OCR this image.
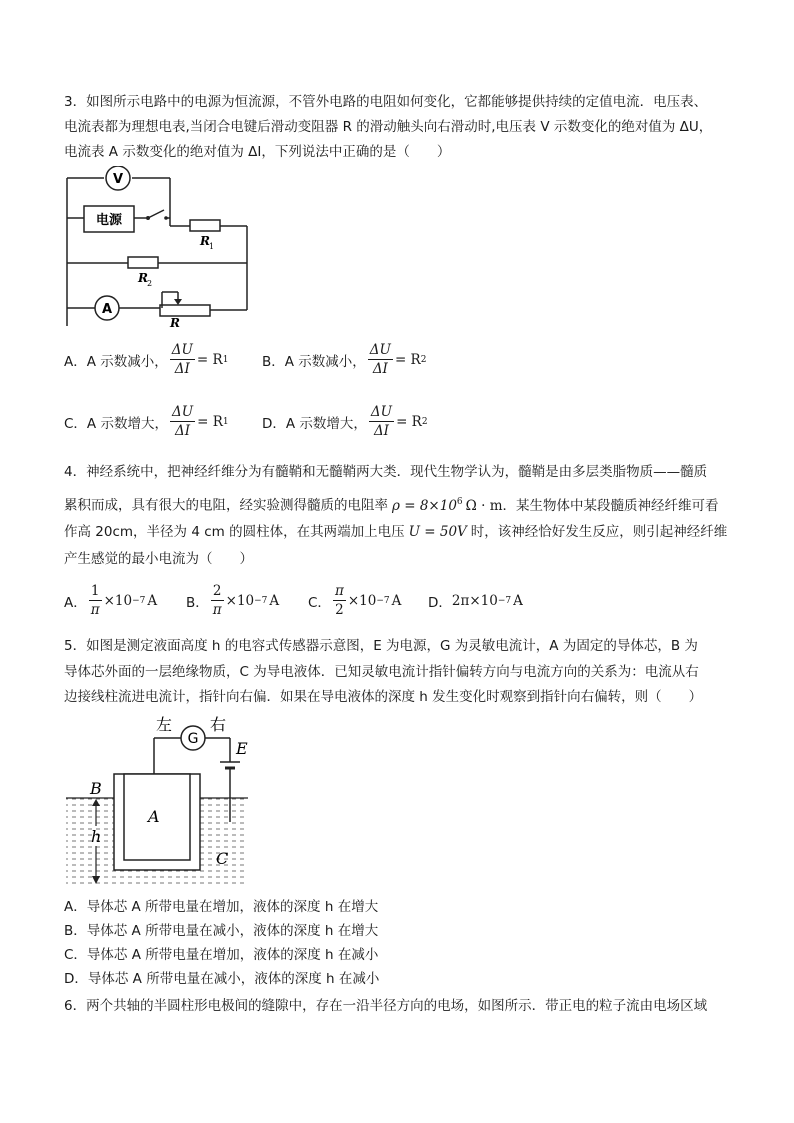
3．如图所示电路中的电源为恒流源，不管外电路的电阻如何变化，它都能够提供持续的定值电流．电压表、
电流表都为理想电表,当闭合电键后滑动变阻器 R 的滑动触头向右滑动时,电压表 V 示数变化的绝对值为 ΔU，
电流表 A 示数变化的绝对值为 ΔI，下列说法中正确的是（　　）
V
电源
R 1
R 2
A
R
A．A 示数减小， $\frac{\Delta U}{\Delta I} = R$ 1 B．A 示数减小， $\frac{\Delta U}{\Delta I} = R$ 2
C．A 示数增大， $\frac{\Delta U}{\Delta I} = R$ 1 D．A 示数增大， $\frac{\Delta U}{\Delta I} = R$ 2
4．神经系统中，把神经纤维分为有髓鞘和无髓鞘两大类．现代生物学认为，髓鞘是由多层类脂物质——髓质
累积而成，具有很大的电阻，经实验测得髓质的电阻率 $\rho = 8\times 10^6$ Ω · m．某生物体中某段髓质神经纤维可看
作高 20cm，半径为 4 cm 的圆柱体，在其两端加上电压 U = 50V 时，该神经恰好发生反应，则引起神经纤维
产生感觉的最小电流为（　　）
A． $\frac{1}{\pi} \times 10 -7$ A B． $\frac{2}{\pi} \times 10 -7$ A C． $\frac{\pi}{2} \times 10 -7$ A D． 2π×10 −7 A
5．如图是测定液面高度 h 的电容式传感器示意图，E 为电源，G 为灵敏电流计，A 为固定的导体芯，B 为
导体芯外面的一层绝缘物质，C 为导电液体．已知灵敏电流计指针偏转方向与电流方向的关系为：电流从右
边接线柱流进电流计，指针向右偏．如果在导电液体的深度 h 发生变化时观察到指针向右偏转，则（　　）
G
左 右
E
B
A
C
h
A．导体芯 A 所带电量在增加，液体的深度 h 在增大
B．导体芯 A 所带电量在减小，液体的深度 h 在增大
C．导体芯 A 所带电量在增加，液体的深度 h 在减小
D．导体芯 A 所带电量在减小，液体的深度 h 在减小
6．两个共轴的半圆柱形电极间的缝隙中，存在一沿半径方向的电场，如图所示．带正电的粒子流由电场区域
